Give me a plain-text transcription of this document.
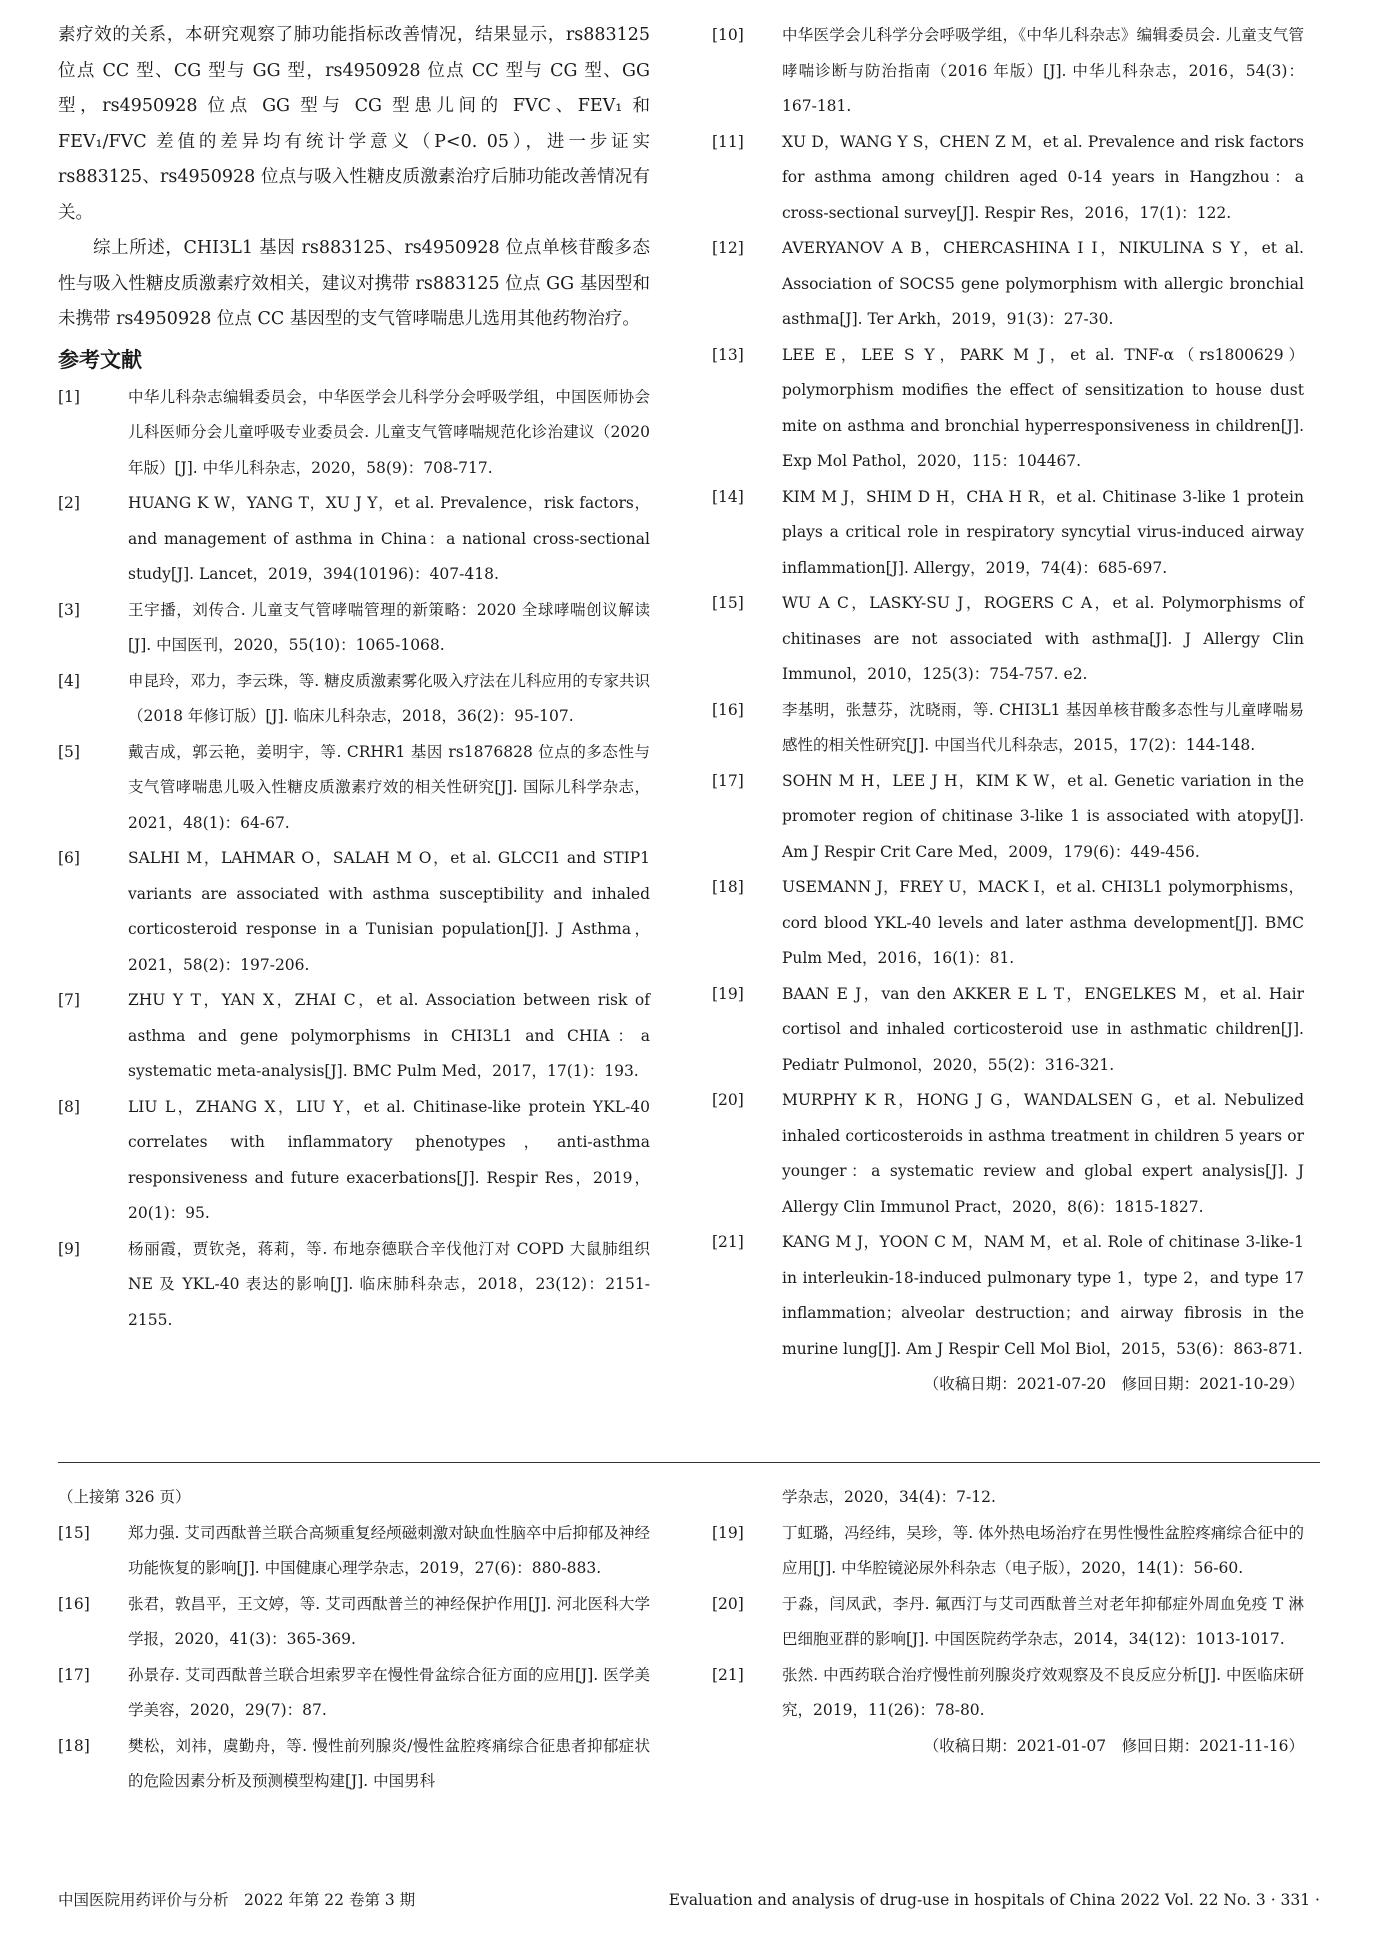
素疗效的关系，本研究观察了肺功能指标改善情况，结果显示，rs883125 位点 CC 型、CG 型与 GG 型，rs4950928 位点 CC 型与 CG 型、GG 型，rs4950928 位点 GG 型与 CG 型患儿间的 FVC、FEV₁ 和 FEV₁/FVC 差值的差异均有统计学意义（P<0. 05），进一步证实 rs883125、rs4950928 位点与吸入性糖皮质激素治疗后肺功能改善情况有关。

综上所述，CHI3L1 基因 rs883125、rs4950928 位点单核苷酸多态性与吸入性糖皮质激素疗效相关，建议对携带 rs883125 位点 GG 基因型和未携带 rs4950928 位点 CC 基因型的支气管哮喘患儿选用其他药物治疗。

参考文献

[1]	中华儿科杂志编辑委员会，中华医学会儿科学分会呼吸学组，中国医师协会儿科医师分会儿童呼吸专业委员会. 儿童支气管哮喘规范化诊治建议（2020 年版）[J]. 中华儿科杂志，2020，58(9)：708-717.

[2]	HUANG K W，YANG T，XU J Y，et al. Prevalence，risk factors，and management of asthma in China：a national cross-sectional study[J]. Lancet，2019，394(10196)：407-418.

[3]	王宇播，刘传合. 儿童支气管哮喘管理的新策略：2020 全球哮喘创议解读[J]. 中国医刊，2020，55(10)：1065-1068.

[4]	申昆玲，邓力，李云珠，等. 糖皮质激素雾化吸入疗法在儿科应用的专家共识（2018 年修订版）[J]. 临床儿科杂志，2018，36(2)：95-107.

[5]	戴吉成，郭云艳，姜明宇，等. CRHR1 基因 rs1876828 位点的多态性与支气管哮喘患儿吸入性糖皮质激素疗效的相关性研究[J]. 国际儿科学杂志，2021，48(1)：64-67.

[6]	SALHI M，LAHMAR O，SALAH M O，et al. GLCCI1 and STIP1 variants are associated with asthma susceptibility and inhaled corticosteroid response in a Tunisian population[J]. J Asthma，2021，58(2)：197-206.

[7]	ZHU Y T，YAN X，ZHAI C，et al. Association between risk of asthma and gene polymorphisms in CHI3L1 and CHIA：a systematic meta-analysis[J]. BMC Pulm Med，2017，17(1)：193.

[8]	LIU L，ZHANG X，LIU Y，et al. Chitinase-like protein YKL-40 correlates with inflammatory phenotypes，anti-asthma responsiveness and future exacerbations[J]. Respir Res，2019，20(1)：95.

[9]	杨丽霞，贾钦尧，蒋莉，等. 布地奈德联合辛伐他汀对 COPD 大鼠肺组织 NE 及 YKL-40 表达的影响[J]. 临床肺科杂志，2018，23(12)：2151-2155.

[10]	中华医学会儿科学分会呼吸学组，《中华儿科杂志》编辑委员会. 儿童支气管哮喘诊断与防治指南（2016 年版）[J]. 中华儿科杂志，2016，54(3)：167-181.

[11]	XU D，WANG Y S，CHEN Z M，et al. Prevalence and risk factors for asthma among children aged 0-14 years in Hangzhou：a cross-sectional survey[J]. Respir Res，2016，17(1)：122.

[12]	AVERYANOV A B，CHERCASHINA I I，NIKULINA S Y，et al. Association of SOCS5 gene polymorphism with allergic bronchial asthma[J]. Ter Arkh，2019，91(3)：27-30.

[13]	LEE E，LEE S Y，PARK M J，et al. TNF-α（rs1800629）polymorphism modifies the effect of sensitization to house dust mite on asthma and bronchial hyperresponsiveness in children[J]. Exp Mol Pathol，2020，115：104467.

[14]	KIM M J，SHIM D H，CHA H R，et al. Chitinase 3-like 1 protein plays a critical role in respiratory syncytial virus-induced airway inflammation[J]. Allergy，2019，74(4)：685-697.

[15]	WU A C，LASKY-SU J，ROGERS C A，et al. Polymorphisms of chitinases are not associated with asthma[J]. J Allergy Clin Immunol，2010，125(3)：754-757. e2.

[16]	李基明，张慧芬，沈晓雨，等. CHI3L1 基因单核苷酸多态性与儿童哮喘易感性的相关性研究[J]. 中国当代儿科杂志，2015，17(2)：144-148.

[17]	SOHN M H，LEE J H，KIM K W，et al. Genetic variation in the promoter region of chitinase 3-like 1 is associated with atopy[J]. Am J Respir Crit Care Med，2009，179(6)：449-456.

[18]	USEMANN J，FREY U，MACK I，et al. CHI3L1 polymorphisms，cord blood YKL-40 levels and later asthma development[J]. BMC Pulm Med，2016，16(1)：81.

[19]	BAAN E J，van den AKKER E L T，ENGELKES M，et al. Hair cortisol and inhaled corticosteroid use in asthmatic children[J]. Pediatr Pulmonol，2020，55(2)：316-321.

[20]	MURPHY K R，HONG J G，WANDALSEN G，et al. Nebulized inhaled corticosteroids in asthma treatment in children 5 years or younger：a systematic review and global expert analysis[J]. J Allergy Clin Immunol Pract，2020，8(6)：1815-1827.

[21]	KANG M J，YOON C M，NAM M，et al. Role of chitinase 3-like-1 in interleukin-18-induced pulmonary type 1，type 2，and type 17 inflammation；alveolar destruction；and airway fibrosis in the murine lung[J]. Am J Respir Cell Mol Biol，2015，53(6)：863-871.

（收稿日期：2021-07-20　修回日期：2021-10-29）

（上接第 326 页）

[15]	郑力强. 艾司西酞普兰联合高频重复经颅磁刺激对缺血性脑卒中后抑郁及神经功能恢复的影响[J]. 中国健康心理学杂志，2019，27(6)：880-883.

[16]	张君，敦昌平，王文婷，等. 艾司西酞普兰的神经保护作用[J]. 河北医科大学学报，2020，41(3)：365-369.

[17]	孙景存. 艾司西酞普兰联合坦索罗辛在慢性骨盆综合征方面的应用[J]. 医学美学美容，2020，29(7)：87.

[18]	樊松，刘祎，虞勤舟，等. 慢性前列腺炎/慢性盆腔疼痛综合征患者抑郁症状的危险因素分析及预测模型构建[J]. 中国男科

学杂志，2020，34(4)：7-12.

[19]	丁虹璐，冯经纬，吴珍，等. 体外热电场治疗在男性慢性盆腔疼痛综合征中的应用[J]. 中华腔镜泌尿外科杂志（电子版），2020，14(1)：56-60.

[20]	于淼，闫凤武，李丹. 氟西汀与艾司西酞普兰对老年抑郁症外周血免疫 T 淋巴细胞亚群的影响[J]. 中国医院药学杂志，2014，34(12)：1013-1017.

[21]	张然. 中西药联合治疗慢性前列腺炎疗效观察及不良反应分析[J]. 中医临床研究，2019，11(26)：78-80.

（收稿日期：2021-01-07　修回日期：2021-11-16）

中国医院用药评价与分析　2022 年第 22 卷第 3 期	Evaluation and analysis of drug-use in hospitals of China 2022 Vol. 22 No. 3 · 331 ·
